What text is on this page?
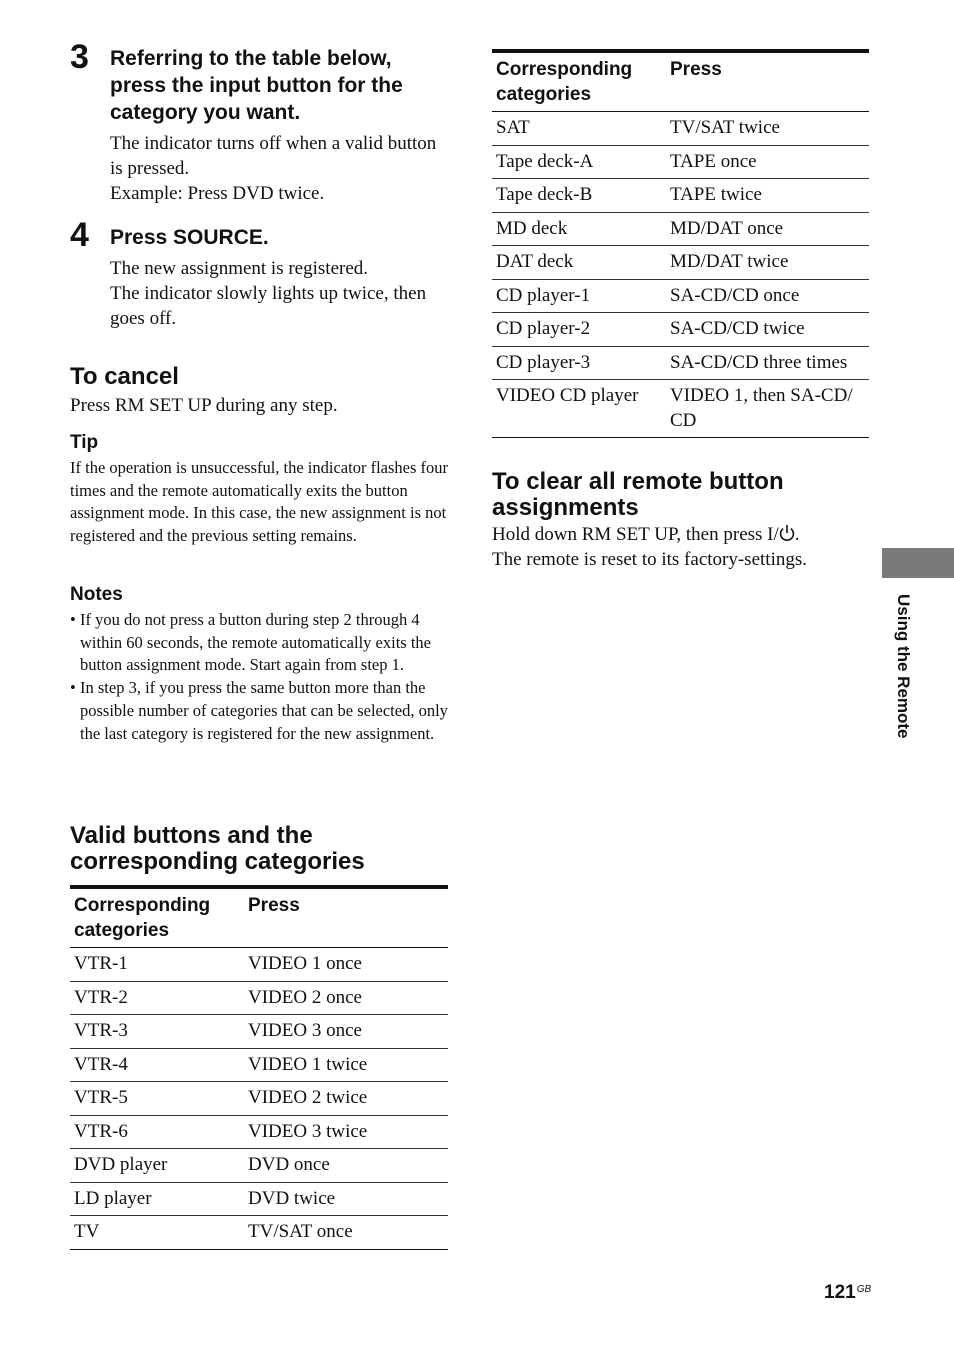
3 Referring to the table below, press the input button for the category you want.
The indicator turns off when a valid button is pressed.
Example: Press DVD twice.
4 Press SOURCE.
The new assignment is registered.
The indicator slowly lights up twice, then goes off.
To cancel
Press RM SET UP during any step.
Tip
If the operation is unsuccessful, the indicator flashes four times and the remote automatically exits the button assignment mode. In this case, the new assignment is not registered and the previous setting remains.
Notes
• If you do not press a button during step 2 through 4 within 60 seconds, the remote automatically exits the button assignment mode. Start again from step 1.
• In step 3, if you press the same button more than the possible number of categories that can be selected, only the last category is registered for the new assignment.
Valid buttons and the corresponding categories
Corresponding categories	Press
VTR-1	VIDEO 1 once
VTR-2	VIDEO 2 once
VTR-3	VIDEO 3 once
VTR-4	VIDEO 1 twice
VTR-5	VIDEO 2 twice
VTR-6	VIDEO 3 twice
DVD player	DVD once
LD player	DVD twice
TV	TV/SAT once
Corresponding categories	Press
SAT	TV/SAT twice
Tape deck-A	TAPE once
Tape deck-B	TAPE twice
MD deck	MD/DAT once
DAT deck	MD/DAT twice
CD player-1	SA-CD/CD once
CD player-2	SA-CD/CD twice
CD player-3	SA-CD/CD three times
VIDEO CD player	VIDEO 1, then SA-CD/ CD
To clear all remote button assignments
Hold down RM SET UP, then press I/ .
The remote is reset to its factory-settings.
Using the Remote
$121^{GB}$
